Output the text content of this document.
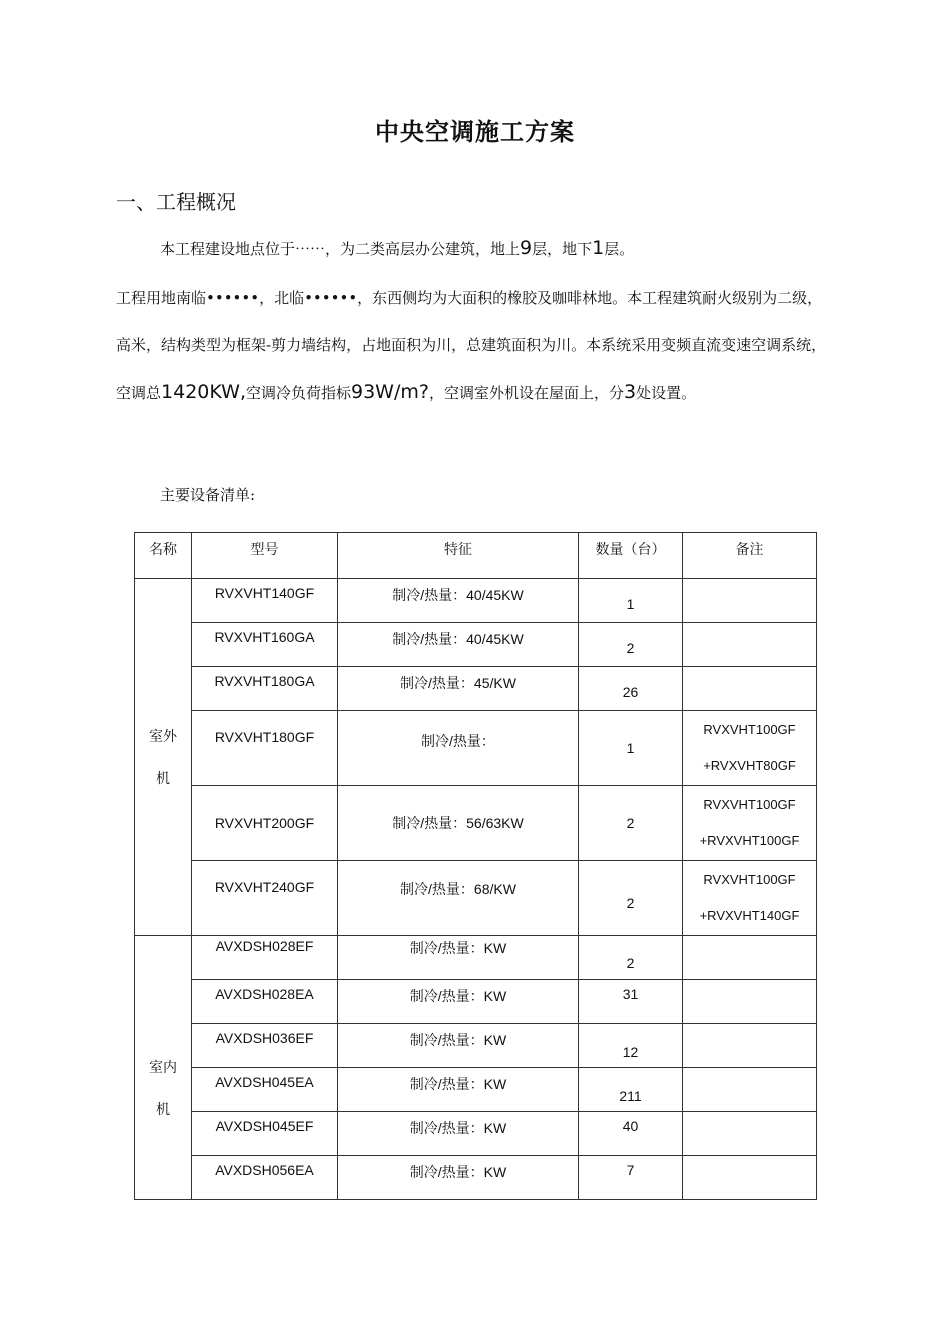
中央空调施工方案
一、工程概况
本工程建设地点位于⋯⋯，为二类高层办公建筑，地上9层，地下1层。
工程用地南临••••••，北临••••••，东西侧均为大面积的橡胶及咖啡林地。本工程建筑耐火级别为二级，高米，结构类型为框架-剪力墙结构，占地面积为川，总建筑面积为川。本系统采用变频直流变速空调系统，空调总1420KW,空调冷负荷指标93W/m?，空调室外机设在屋面上，分3处设置。
主要设备清单:
名称	型号	特征	数量（台）	备注
室外
机	RVXVHT140GF	制冷/热量：40/45KW	1	
	RVXVHT160GA	制冷/热量：40/45KW	2	
	RVXVHT180GA	制冷/热量：45/KW	26	
	RVXVHT180GF	制冷/热量：	1	RVXVHT100GF
+RVXVHT80GF
	RVXVHT200GF	制冷/热量：56/63KW	2	RVXVHT100GF
+RVXVHT100GF
	RVXVHT240GF	制冷/热量：68/KW	2	RVXVHT100GF
+RVXVHT140GF
室内
机	AVXDSH028EF	制冷/热量：KW	2	
	AVXDSH028EA	制冷/热量：KW	31	
	AVXDSH036EF	制冷/热量：KW	12	
	AVXDSH045EA	制冷/热量：KW	211	
	AVXDSH045EF	制冷/热量：KW	40	
	AVXDSH056EA	制冷/热量：KW	7	
